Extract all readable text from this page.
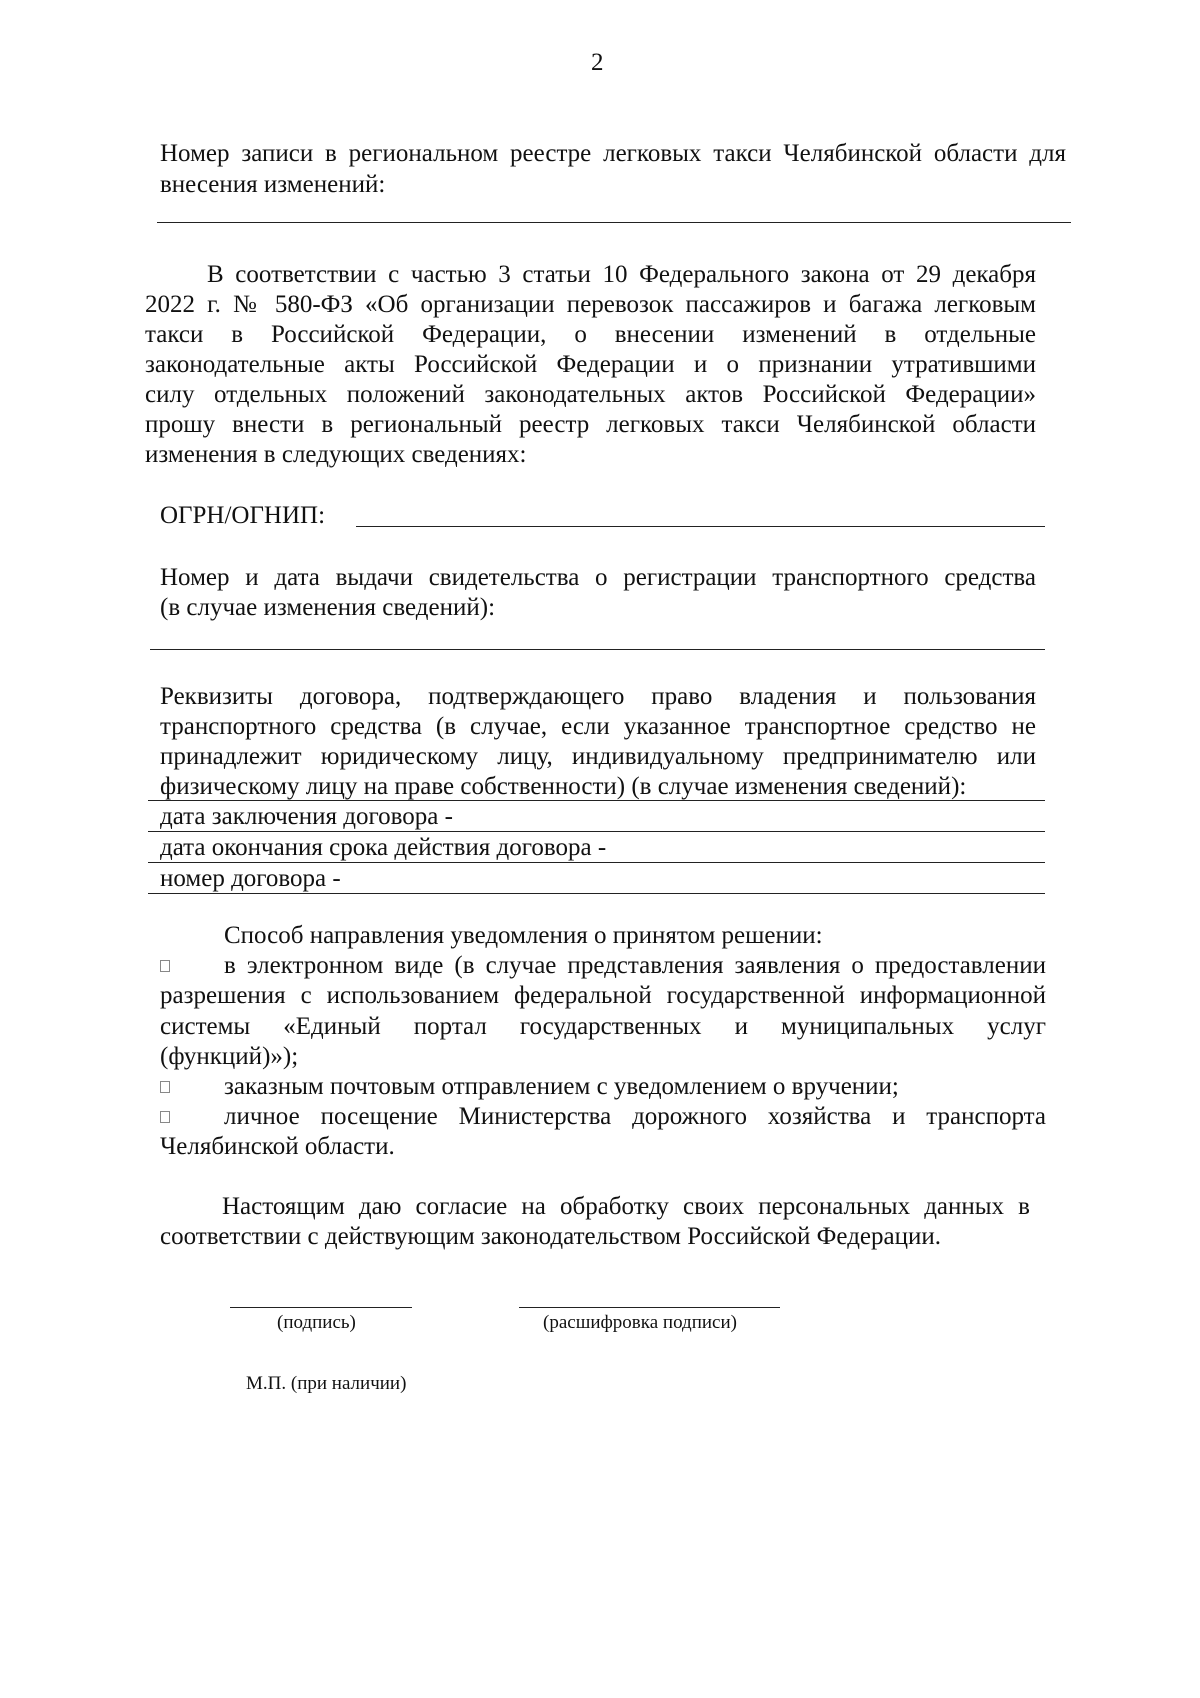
2
Номер записи в региональном реестре легковых такси Челябинской области для
внесения изменений:
В соответствии с частью 3 статьи 10 Федерального закона от 29 декабря
2022 г. № 580-ФЗ «Об организации перевозок пассажиров и багажа легковым
такси в Российской Федерации, о внесении изменений в отдельные
законодательные акты Российской Федерации и о признании утратившими
силу отдельных положений законодательных актов Российской Федерации»
прошу внести в региональный реестр легковых такси Челябинской области
изменения в следующих сведениях:
ОГРН/ОГНИП:
Номер и дата выдачи свидетельства о регистрации транспортного средства
(в случае изменения сведений):
Реквизиты договора, подтверждающего право владения и пользования
транспортного средства (в случае, если указанное транспортное средство не
принадлежит юридическому лицу, индивидуальному предпринимателю или
физическому лицу на праве собственности) (в случае изменения сведений):
дата заключения договора -
дата окончания срока действия договора -
номер договора -
Способ направления уведомления о принятом решении:
в электронном виде (в случае представления заявления о предоставлении
разрешения с использованием федеральной государственной информационной
системы «Единый портал государственных и муниципальных услуг
(функций)»);
заказным почтовым отправлением с уведомлением о вручении;
личное посещение Министерства дорожного хозяйства и транспорта
Челябинской области.
Настоящим даю согласие на обработку своих персональных данных в
соответствии с действующим законодательством Российской Федерации.
(подпись)	(расшифровка подписи)
М.П. (при наличии)
